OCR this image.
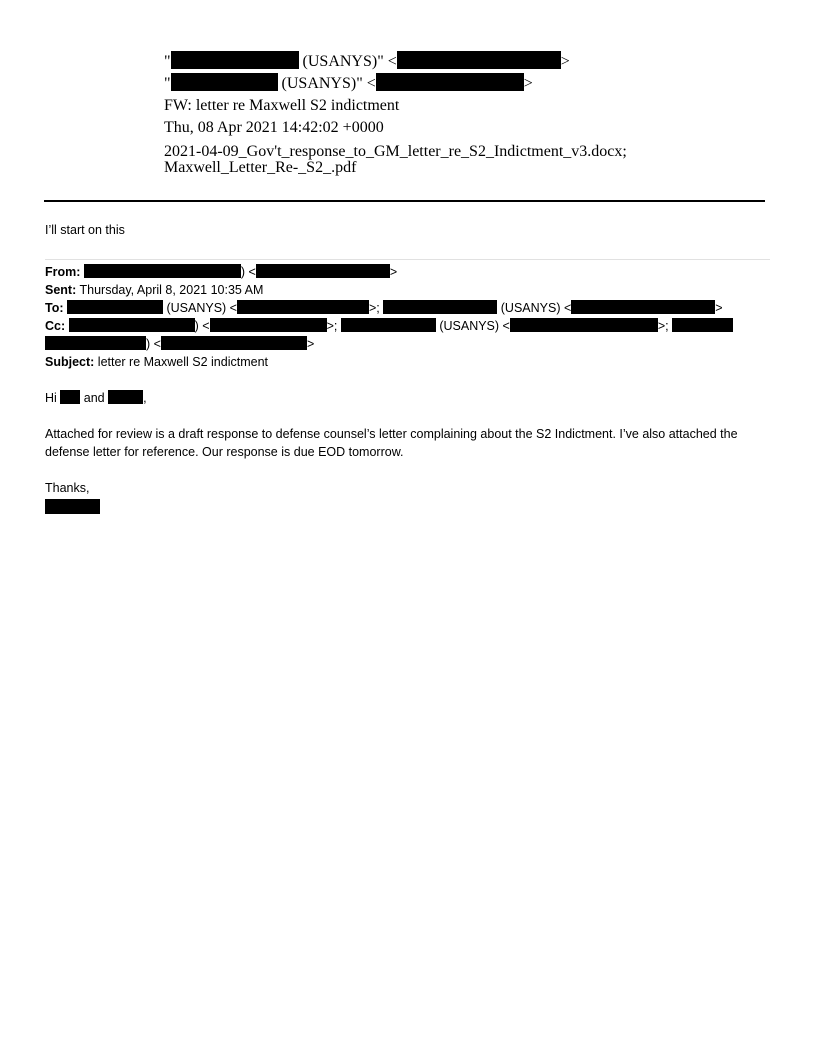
"	(USANYS)" <	>
"	(USANYS)" <	>
FW: letter re Maxwell S2 indictment
Thu, 08 Apr 2021 14:42:02 +0000
2021-04-09_Gov't_response_to_GM_letter_re_S2_Indictment_v3.docx;
Maxwell_Letter_Re-_S2_.pdf
I’ll start on this
From:	) <	>
Sent: Thursday, April 8, 2021 10:35 AM
To:	(USANYS) <	>;	(USANYS) <	>
Cc:	) <	>;	(USANYS) <	>;
) <	>
Subject: letter re Maxwell S2 indictment
Hi and	,
Attached for review is a draft response to defense counsel’s letter complaining about the S2 Indictment. I’ve also attached the defense letter for reference. Our response is due EOD tomorrow.
Thanks,
